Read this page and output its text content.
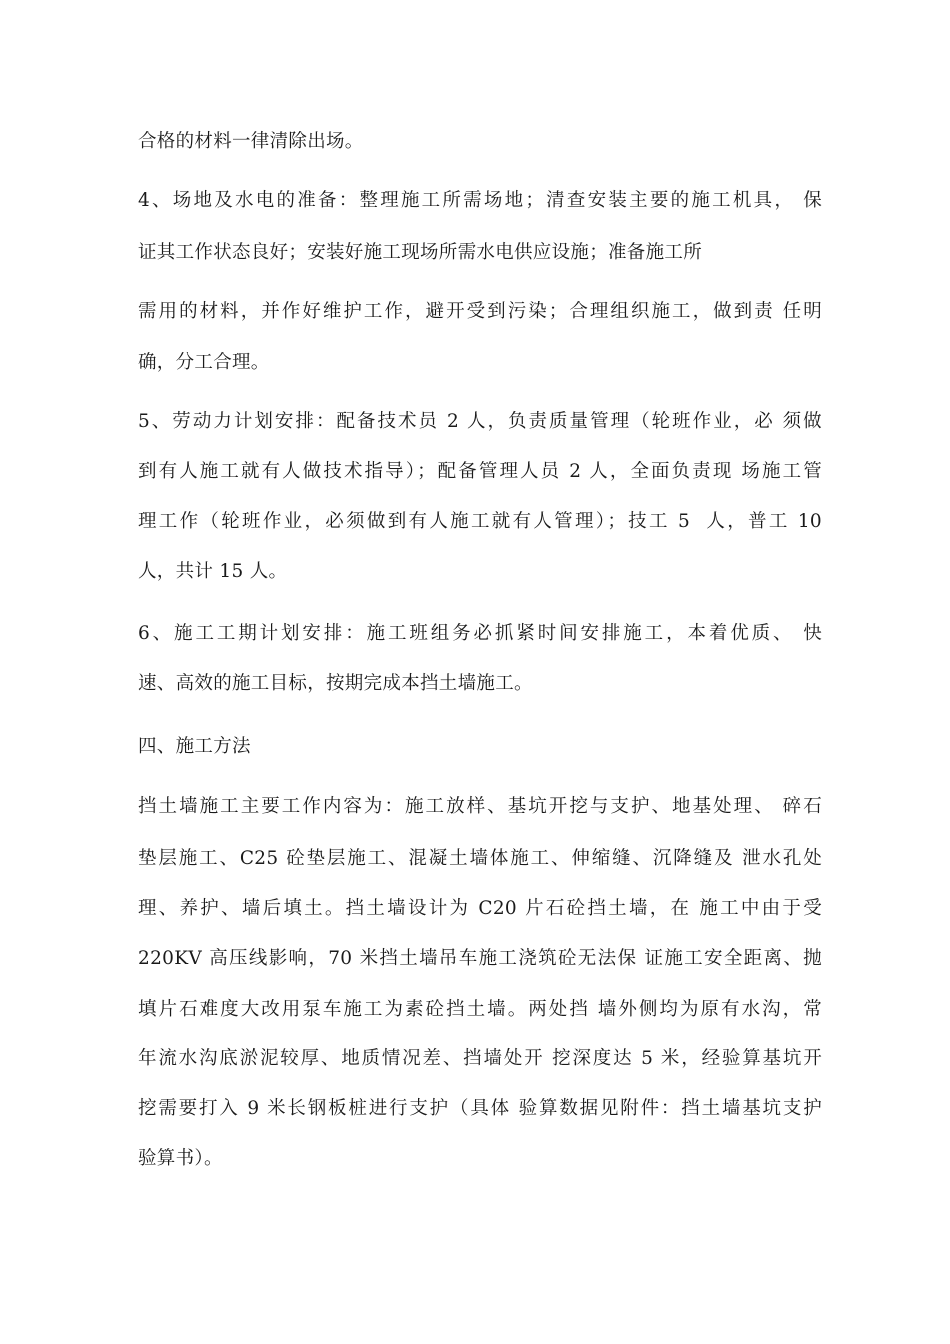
合格的材料一律清除出场。
4、场地及水电的准备：整理施工所需场地；清查安装主要的施工机具， 保
证其工作状态良好；安装好施工现场所需水电供应设施；准备施工所
需用的材料，并作好维护工作，避开受到污染；合理组织施工，做到责 任明
确，分工合理。
5、劳动力计划安排：配备技术员 2 人，负责质量管理（轮班作业，必 须做
到有人施工就有人做技术指导）；配备管理人员 2 人，全面负责现 场施工管
理工作（轮班作业，必须做到有人施工就有人管理）；技工 5  人，普工 10
人，共计 15 人。
6、施工工期计划安排：施工班组务必抓紧时间安排施工，本着优质、 快
速、高效的施工目标，按期完成本挡土墙施工。
四、施工方法
挡土墙施工主要工作内容为：施工放样、基坑开挖与支护、地基处理、 碎石
垫层施工、C25 砼垫层施工、混凝土墙体施工、伸缩缝、沉降缝及 泄水孔处
理、养护、墙后填土。挡土墙设计为 C20 片石砼挡土墙，在 施工中由于受
220KV 高压线影响，70 米挡土墙吊车施工浇筑砼无法保 证施工安全距离、抛
填片石难度大改用泵车施工为素砼挡土墙。两处挡 墙外侧均为原有水沟，常
年流水沟底淤泥较厚、地质情况差、挡墙处开 挖深度达 5 米，经验算基坑开
挖需要打入 9 米长钢板桩进行支护（具体 验算数据见附件：挡土墙基坑支护
验算书）。
